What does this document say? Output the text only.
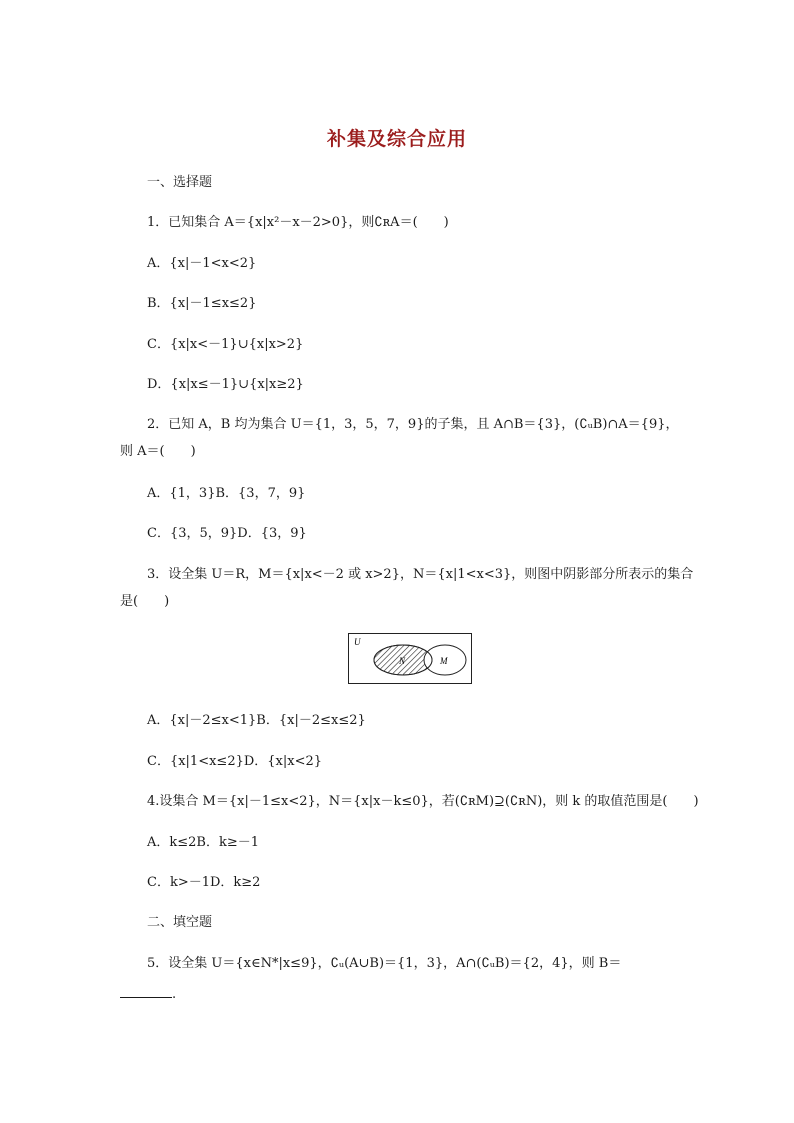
补集及综合应用
一、选择题
1．已知集合 A＝{x|x²－x－2>0}，则∁ʀA＝(　　)
A．{x|－1<x<2}
B．{x|－1≤x≤2}
C．{x|x<－1}∪{x|x>2}
D．{x|x≤－1}∪{x|x≥2}
2．已知 A，B 均为集合 U＝{1，3，5，7，9}的子集，且 A∩B＝{3}，(∁ᵤB)∩A＝{9}，
则 A＝(　　)
A．{1，3}B．{3，7，9}
C．{3，5，9}D．{3，9}
3．设全集 U＝R，M＝{x|x<－2 或 x>2}，N＝{x|1<x<3}，则图中阴影部分所表示的集合
是(　　)
A．{x|－2≤x<1}B．{x|－2≤x≤2}
C．{x|1<x≤2}D．{x|x<2}
4.设集合 M＝{x|－1≤x<2}，N＝{x|x－k≤0}，若(∁ʀM)⊇(∁ʀN)，则 k 的取值范围是(　　)
A．k≤2B．k≥－1
C．k>－1D．k≥2
二、填空题
5．设全集 U＝{x∈N*|x≤9}，∁ᵤ(A∪B)＝{1，3}，A∩(∁ᵤB)＝{2，4}，则 B＝
.
U
N	M
